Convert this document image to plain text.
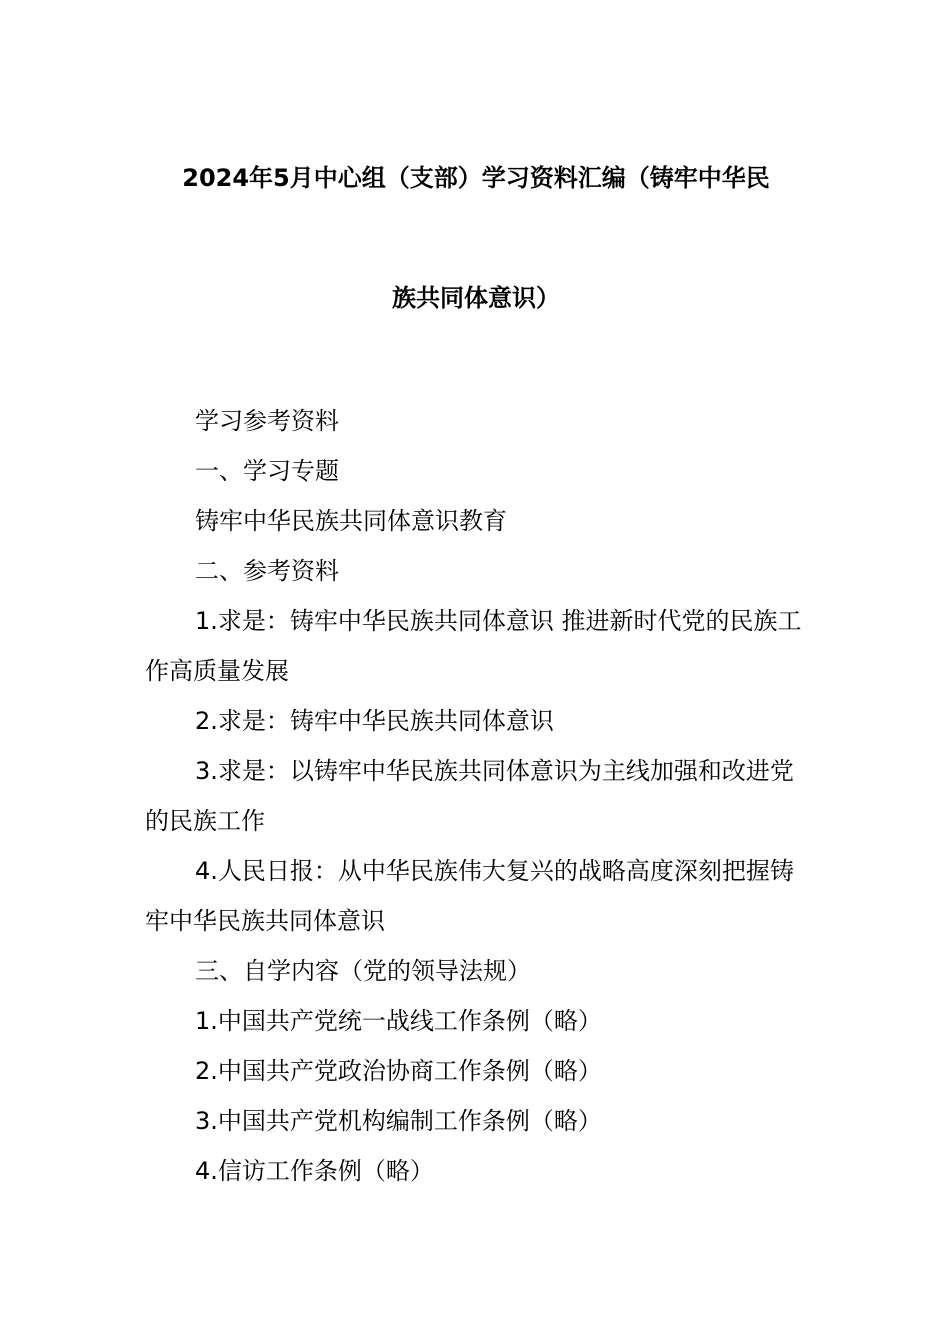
2024年5月中心组（支部）学习资料汇编（铸牢中华民
族共同体意识）

学习参考资料

一、学习专题

铸牢中华民族共同体意识教育

二、参考资料

1.求是：铸牢中华民族共同体意识 推进新时代党的民族工作高质量发展

2.求是：铸牢中华民族共同体意识

3.求是：以铸牢中华民族共同体意识为主线加强和改进党的民族工作

4.人民日报：从中华民族伟大复兴的战略高度深刻把握铸牢中华民族共同体意识

三、自学内容（党的领导法规）

1.中国共产党统一战线工作条例（略）

2.中国共产党政治协商工作条例（略）

3.中国共产党机构编制工作条例（略）

4.信访工作条例（略）
